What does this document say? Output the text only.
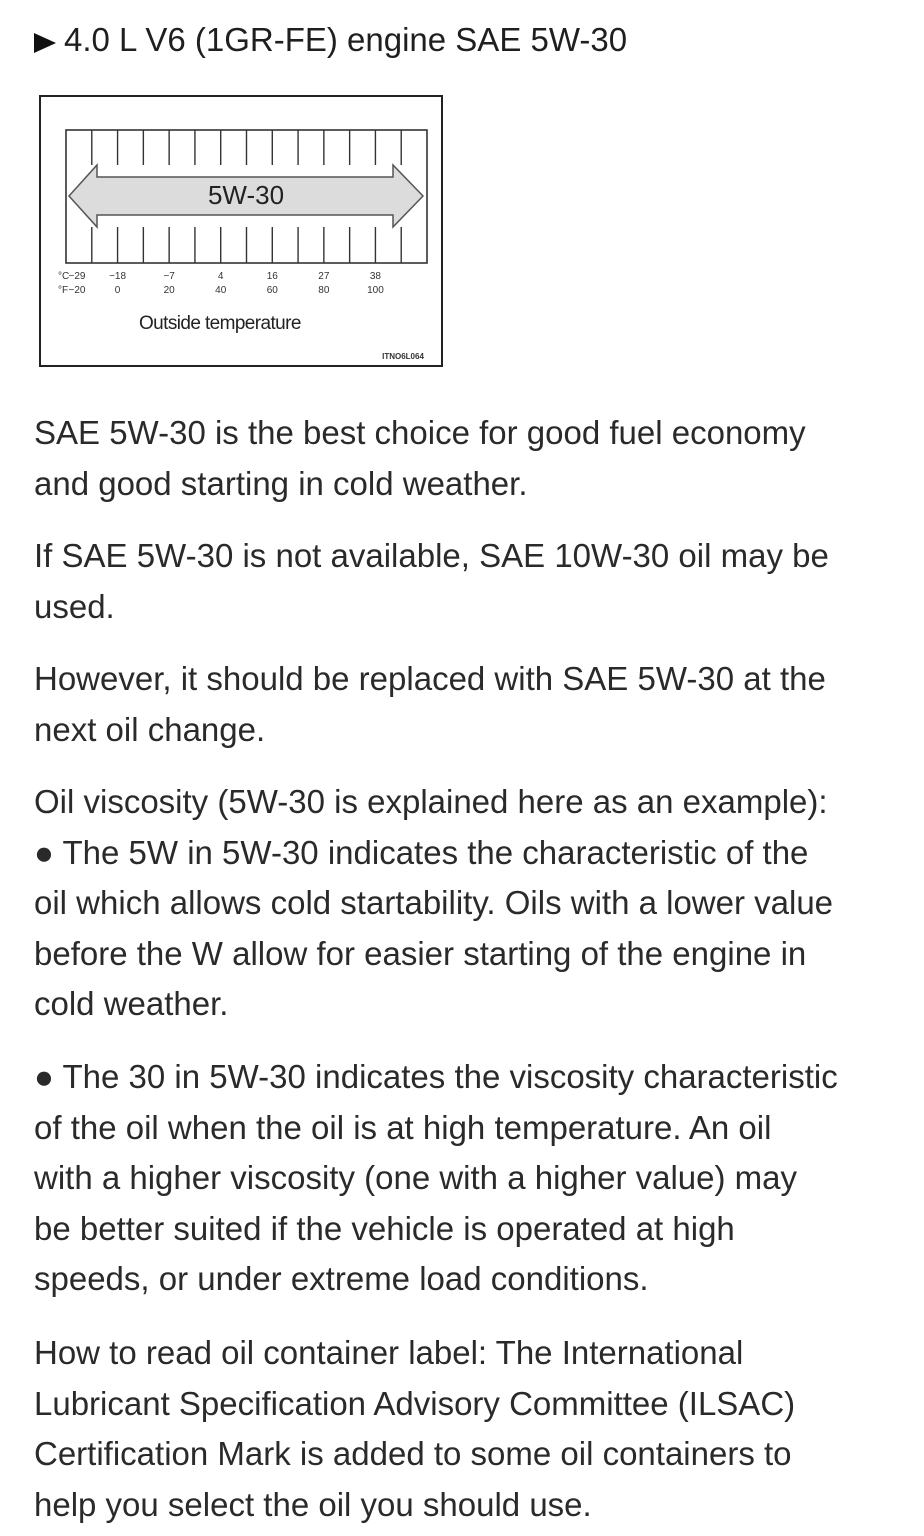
4.0 L V6 (1GR-FE) engine SAE 5W-30
5W-30
°C
°F
−29 −18	−7	4	16	27	38
−20	0	20	40	60	80	100
Outside temperature
ITNO6L064

SAE 5W-30 is the best choice for good fuel economy
and good starting in cold weather.

If SAE 5W-30 is not available, SAE 10W-30 oil may be
used.

However, it should be replaced with SAE 5W-30 at the
next oil change.

Oil viscosity (5W-30 is explained here as an example):
● The 5W in 5W-30 indicates the characteristic of the
oil which allows cold startability. Oils with a lower value
before the W allow for easier starting of the engine in
cold weather.

● The 30 in 5W-30 indicates the viscosity characteristic
of the oil when the oil is at high temperature. An oil
with a higher viscosity (one with a higher value) may
be better suited if the vehicle is operated at high
speeds, or under extreme load conditions.

How to read oil container label: The International
Lubricant Specification Advisory Committee (ILSAC)
Certification Mark is added to some oil containers to
help you select the oil you should use.
